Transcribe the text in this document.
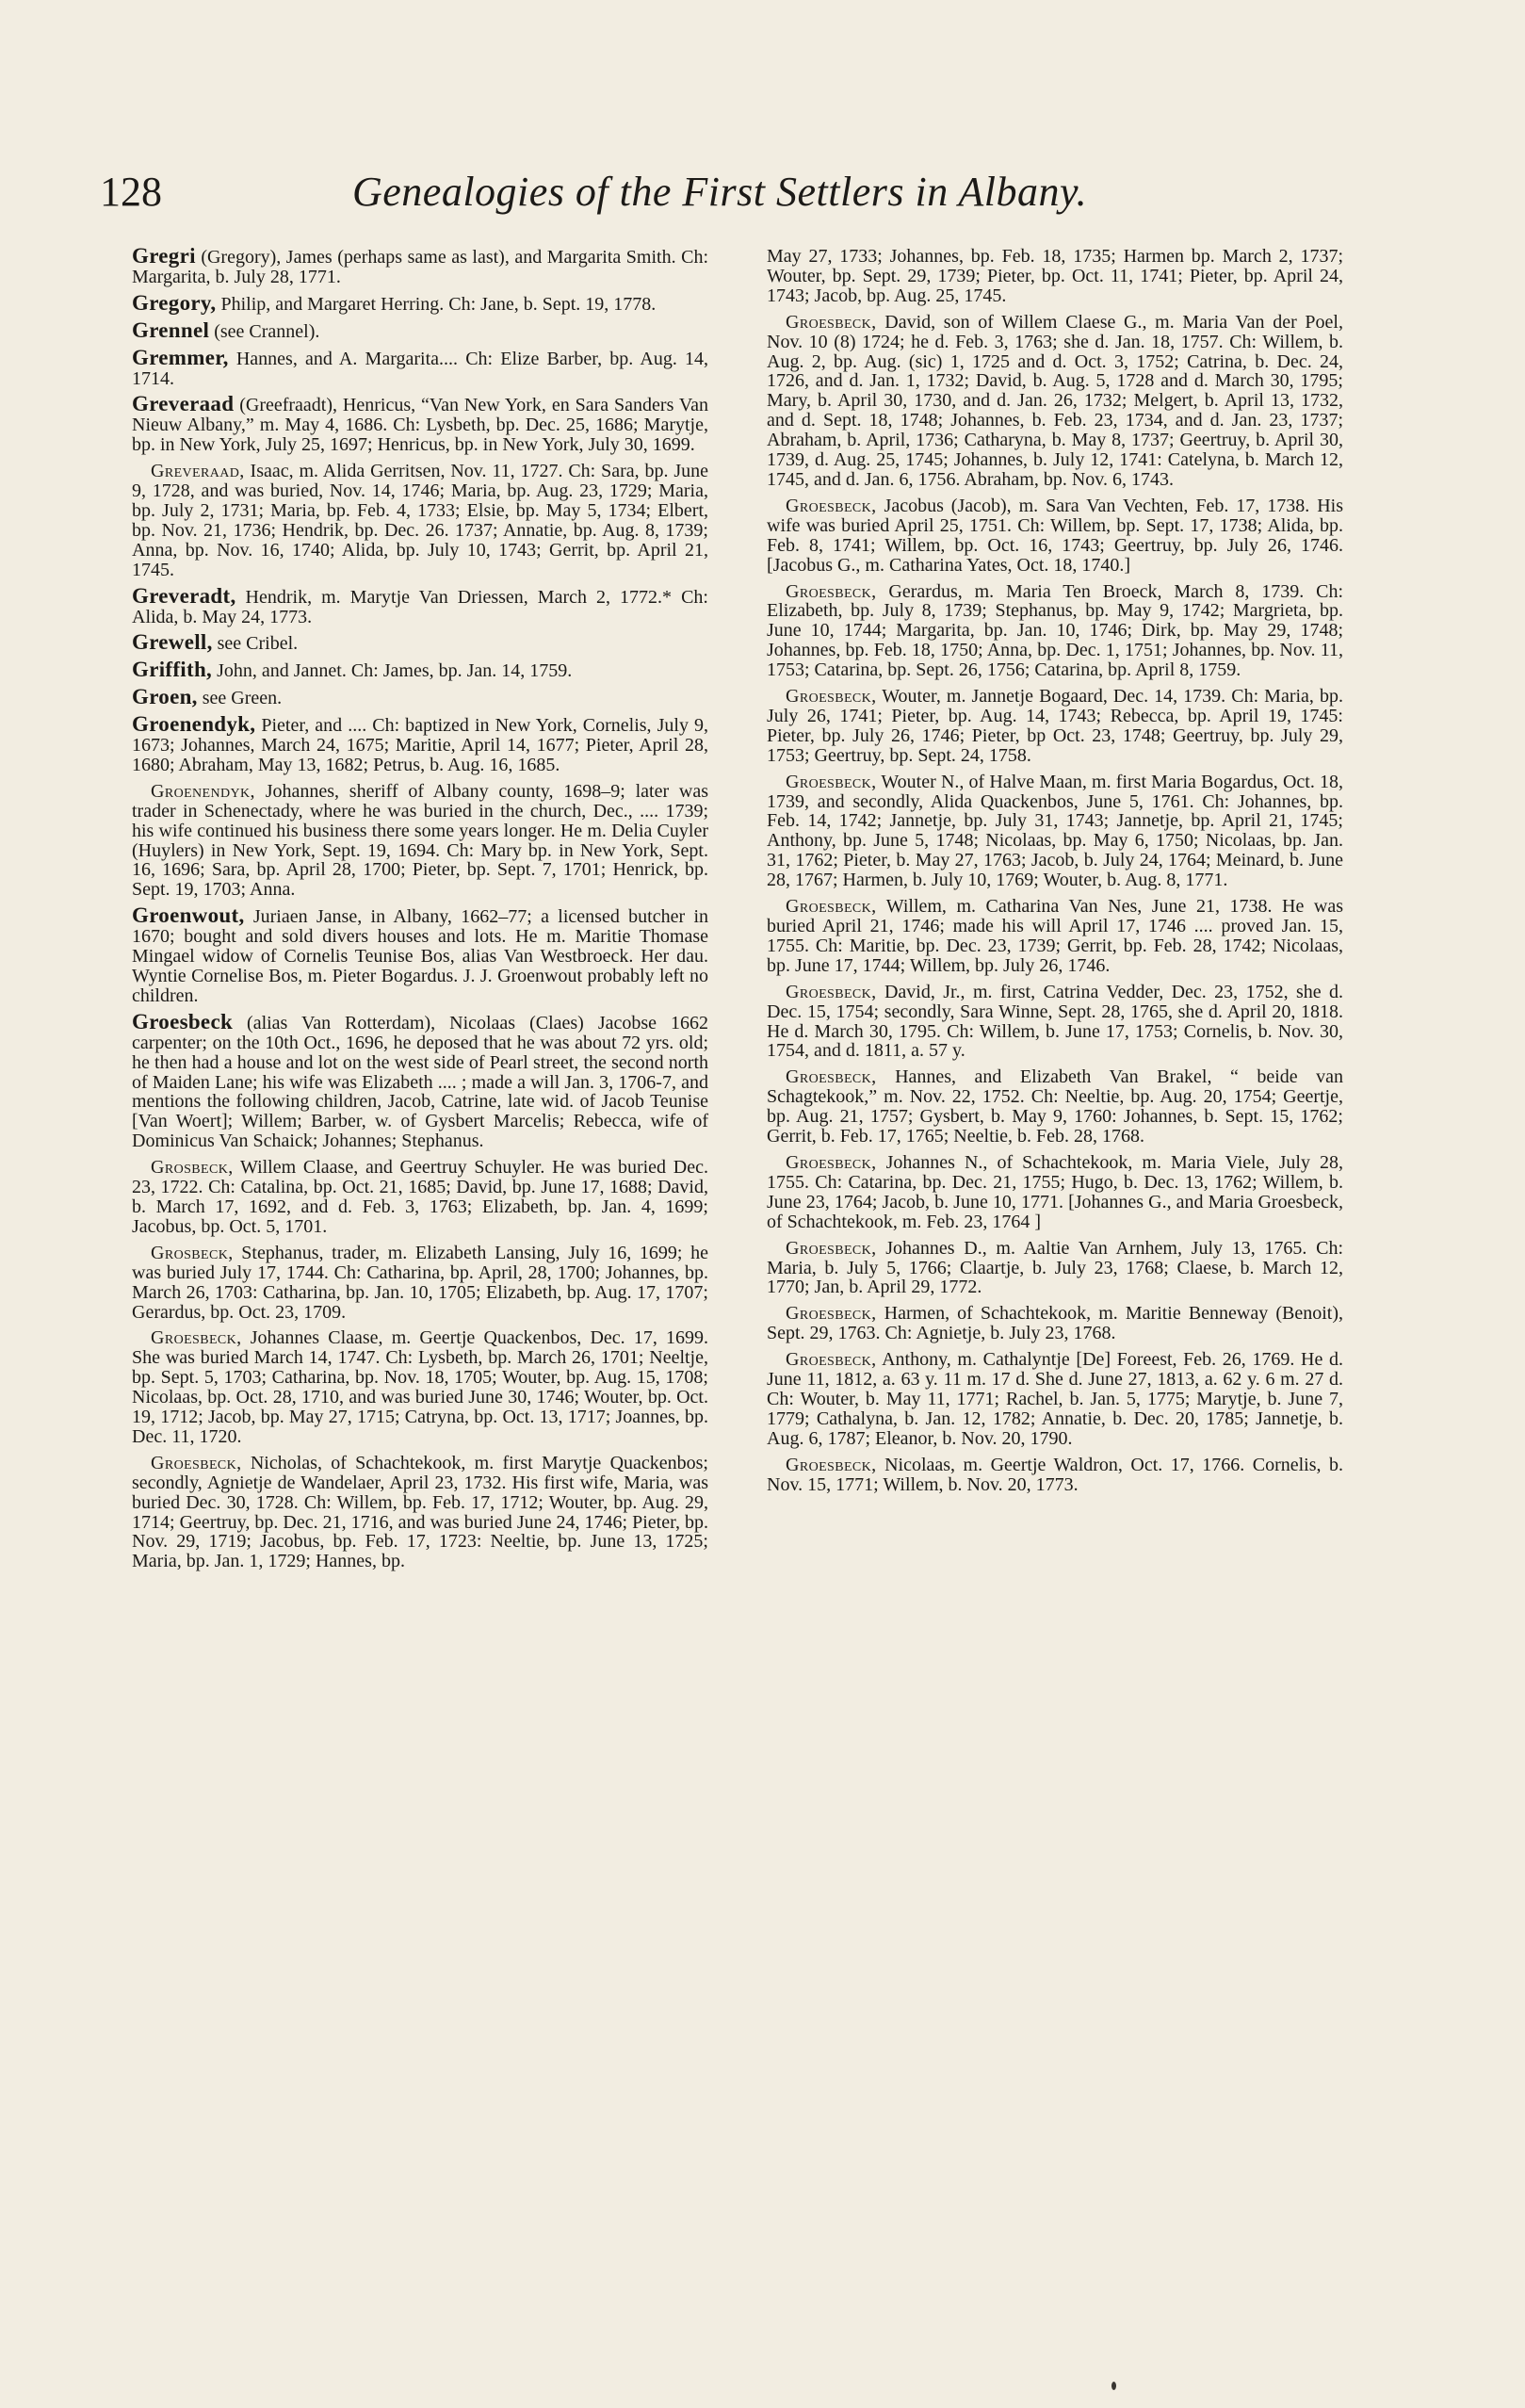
128	Genealogies of the First Settlers in Albany.

Gregri (Gregory), James (perhaps same as last), and Margarita Smith. Ch: Margarita, b. July 28, 1771.

Gregory, Philip, and Margaret Herring. Ch: Jane, b. Sept. 19, 1778.

Grennel (see Crannel).

Gremmer, Hannes, and A. Margarita.... Ch: Elize Barber, bp. Aug. 14, 1714.

Greveraad (Greefraadt), Henricus, “Van New York, en Sara Sanders Van Nieuw Albany,” m. May 4, 1686. Ch: Lysbeth, bp. Dec. 25, 1686; Marytje, bp. in New York, July 25, 1697; Henricus, bp. in New York, July 30, 1699.

Greveraad, Isaac, m. Alida Gerritsen, Nov. 11, 1727. Ch: Sara, bp. June 9, 1728, and was buried, Nov. 14, 1746; Maria, bp. Aug. 23, 1729; Maria, bp. July 2, 1731; Maria, bp. Feb. 4, 1733; Elsie, bp. May 5, 1734; Elbert, bp. Nov. 21, 1736; Hendrik, bp. Dec. 26. 1737; Annatie, bp. Aug. 8, 1739; Anna, bp. Nov. 16, 1740; Alida, bp. July 10, 1743; Gerrit, bp. April 21, 1745.

Greveradt, Hendrik, m. Marytje Van Driessen, March 2, 1772.* Ch: Alida, b. May 24, 1773.

Grewell, see Cribel.

Griffith, John, and Jannet. Ch: James, bp. Jan. 14, 1759.

Groen, see Green.

Groenendyk, Pieter, and .... Ch: baptized in New York, Cornelis, July 9, 1673; Johannes, March 24, 1675; Maritie, April 14, 1677; Pieter, April 28, 1680; Abraham, May 13, 1682; Petrus, b. Aug. 16, 1685.

Groenendyk, Johannes, sheriff of Albany county, 1698–9; later was trader in Schenectady, where he was buried in the church, Dec., .... 1739; his wife continued his business there some years longer. He m. Delia Cuyler (Huylers) in New York, Sept. 19, 1694. Ch: Mary bp. in New York, Sept. 16, 1696; Sara, bp. April 28, 1700; Pieter, bp. Sept. 7, 1701; Henrick, bp. Sept. 19, 1703; Anna.

Groenwout, Juriaen Janse, in Albany, 1662–77; a licensed butcher in 1670; bought and sold divers houses and lots. He m. Maritie Thomase Mingael widow of Cornelis Teunise Bos, alias Van Westbroeck. Her dau. Wyntie Cornelise Bos, m. Pieter Bogardus. J. J. Groenwout probably left no children.

Groesbeck (alias Van Rotterdam), Nicolaas (Claes) Jacobse 1662 carpenter; on the 10th Oct., 1696, he deposed that he was about 72 yrs. old; he then had a house and lot on the west side of Pearl street, the second north of Maiden Lane; his wife was Elizabeth .... ; made a will Jan. 3, 1706-7, and mentions the following children, Jacob, Catrine, late wid. of Jacob Teunise [Van Woert]; Willem; Barber, w. of Gysbert Marcelis; Rebecca, wife of Dominicus Van Schaick; Johannes; Stephanus.

Grosbeck, Willem Claase, and Geertruy Schuyler. He was buried Dec. 23, 1722. Ch: Catalina, bp. Oct. 21, 1685; David, bp. June 17, 1688; David, b. March 17, 1692, and d. Feb. 3, 1763; Elizabeth, bp. Jan. 4, 1699; Jacobus, bp. Oct. 5, 1701.

Grosbeck, Stephanus, trader, m. Elizabeth Lansing, July 16, 1699; he was buried July 17, 1744. Ch: Catharina, bp. April, 28, 1700; Johannes, bp. March 26, 1703: Catharina, bp. Jan. 10, 1705; Elizabeth, bp. Aug. 17, 1707; Gerardus, bp. Oct. 23, 1709.

Groesbeck, Johannes Claase, m. Geertje Quackenbos, Dec. 17, 1699. She was buried March 14, 1747. Ch: Lysbeth, bp. March 26, 1701; Neeltje, bp. Sept. 5, 1703; Catharina, bp. Nov. 18, 1705; Wouter, bp. Aug. 15, 1708; Nicolaas, bp. Oct. 28, 1710, and was buried June 30, 1746; Wouter, bp. Oct. 19, 1712; Jacob, bp. May 27, 1715; Catryna, bp. Oct. 13, 1717; Joannes, bp. Dec. 11, 1720.

Groesbeck, Nicholas, of Schachtekook, m. first Marytje Quackenbos; secondly, Agnietje de Wandelaer, April 23, 1732. His first wife, Maria, was buried Dec. 30, 1728. Ch: Willem, bp. Feb. 17, 1712; Wouter, bp. Aug. 29, 1714; Geertruy, bp. Dec. 21, 1716, and was buried June 24, 1746; Pieter, bp. Nov. 29, 1719; Jacobus, bp. Feb. 17, 1723: Neeltie, bp. June 13, 1725; Maria, bp. Jan. 1, 1729; Hannes, bp.

May 27, 1733; Johannes, bp. Feb. 18, 1735; Harmen bp. March 2, 1737; Wouter, bp. Sept. 29, 1739; Pieter, bp. Oct. 11, 1741; Pieter, bp. April 24, 1743; Jacob, bp. Aug. 25, 1745.

Groesbeck, David, son of Willem Claese G., m. Maria Van der Poel, Nov. 10 (8) 1724; he d. Feb. 3, 1763; she d. Jan. 18, 1757. Ch: Willem, b. Aug. 2, bp. Aug. (sic) 1, 1725 and d. Oct. 3, 1752; Catrina, b. Dec. 24, 1726, and d. Jan. 1, 1732; David, b. Aug. 5, 1728 and d. March 30, 1795; Mary, b. April 30, 1730, and d. Jan. 26, 1732; Melgert, b. April 13, 1732, and d. Sept. 18, 1748; Johannes, b. Feb. 23, 1734, and d. Jan. 23, 1737; Abraham, b. April, 1736; Catharyna, b. May 8, 1737; Geertruy, b. April 30, 1739, d. Aug. 25, 1745; Johannes, b. July 12, 1741: Catelyna, b. March 12, 1745, and d. Jan. 6, 1756. Abraham, bp. Nov. 6, 1743.

Groesbeck, Jacobus (Jacob), m. Sara Van Vechten, Feb. 17, 1738. His wife was buried April 25, 1751. Ch: Willem, bp. Sept. 17, 1738; Alida, bp. Feb. 8, 1741; Willem, bp. Oct. 16, 1743; Geertruy, bp. July 26, 1746. [Jacobus G., m. Catharina Yates, Oct. 18, 1740.]

Groesbeck, Gerardus, m. Maria Ten Broeck, March 8, 1739. Ch: Elizabeth, bp. July 8, 1739; Stephanus, bp. May 9, 1742; Margrieta, bp. June 10, 1744; Margarita, bp. Jan. 10, 1746; Dirk, bp. May 29, 1748; Johannes, bp. Feb. 18, 1750; Anna, bp. Dec. 1, 1751; Johannes, bp. Nov. 11, 1753; Catarina, bp. Sept. 26, 1756; Catarina, bp. April 8, 1759.

Groesbeck, Wouter, m. Jannetje Bogaard, Dec. 14, 1739. Ch: Maria, bp. July 26, 1741; Pieter, bp. Aug. 14, 1743; Rebecca, bp. April 19, 1745: Pieter, bp. July 26, 1746; Pieter, bp Oct. 23, 1748; Geertruy, bp. July 29, 1753; Geertruy, bp. Sept. 24, 1758.

Groesbeck, Wouter N., of Halve Maan, m. first Maria Bogardus, Oct. 18, 1739, and secondly, Alida Quackenbos, June 5, 1761. Ch: Johannes, bp. Feb. 14, 1742; Jannetje, bp. July 31, 1743; Jannetje, bp. April 21, 1745; Anthony, bp. June 5, 1748; Nicolaas, bp. May 6, 1750; Nicolaas, bp. Jan. 31, 1762; Pieter, b. May 27, 1763; Jacob, b. July 24, 1764; Meinard, b. June 28, 1767; Harmen, b. July 10, 1769; Wouter, b. Aug. 8, 1771.

Groesbeck, Willem, m. Catharina Van Nes, June 21, 1738. He was buried April 21, 1746; made his will April 17, 1746 .... proved Jan. 15, 1755. Ch: Maritie, bp. Dec. 23, 1739; Gerrit, bp. Feb. 28, 1742; Nicolaas, bp. June 17, 1744; Willem, bp. July 26, 1746.

Groesbeck, David, Jr., m. first, Catrina Vedder, Dec. 23, 1752, she d. Dec. 15, 1754; secondly, Sara Winne, Sept. 28, 1765, she d. April 20, 1818. He d. March 30, 1795. Ch: Willem, b. June 17, 1753; Cornelis, b. Nov. 30, 1754, and d. 1811, a. 57 y.

Groesbeck, Hannes, and Elizabeth Van Brakel, “ beide van Schagtekook,” m. Nov. 22, 1752. Ch: Neeltie, bp. Aug. 20, 1754; Geertje, bp. Aug. 21, 1757; Gysbert, b. May 9, 1760: Johannes, b. Sept. 15, 1762; Gerrit, b. Feb. 17, 1765; Neeltie, b. Feb. 28, 1768.

Groesbeck, Johannes N., of Schachtekook, m. Maria Viele, July 28, 1755. Ch: Catarina, bp. Dec. 21, 1755; Hugo, b. Dec. 13, 1762; Willem, b. June 23, 1764; Jacob, b. June 10, 1771. [Johannes G., and Maria Groesbeck, of Schachtekook, m. Feb. 23, 1764 ]

Groesbeck, Johannes D., m. Aaltie Van Arnhem, July 13, 1765. Ch: Maria, b. July 5, 1766; Claartje, b. July 23, 1768; Claese, b. March 12, 1770; Jan, b. April 29, 1772.

Groesbeck, Harmen, of Schachtekook, m. Maritie Benneway (Benoit), Sept. 29, 1763. Ch: Agnietje, b. July 23, 1768.

Groesbeck, Anthony, m. Cathalyntje [De] Foreest, Feb. 26, 1769. He d. June 11, 1812, a. 63 y. 11 m. 17 d. She d. June 27, 1813, a. 62 y. 6 m. 27 d. Ch: Wouter, b. May 11, 1771; Rachel, b. Jan. 5, 1775; Marytje, b. June 7, 1779; Cathalyna, b. Jan. 12, 1782; Annatie, b. Dec. 20, 1785; Jannetje, b. Aug. 6, 1787; Eleanor, b. Nov. 20, 1790.

Groesbeck, Nicolaas, m. Geertje Waldron, Oct. 17, 1766. Cornelis, b. Nov. 15, 1771; Willem, b. Nov. 20, 1773.
